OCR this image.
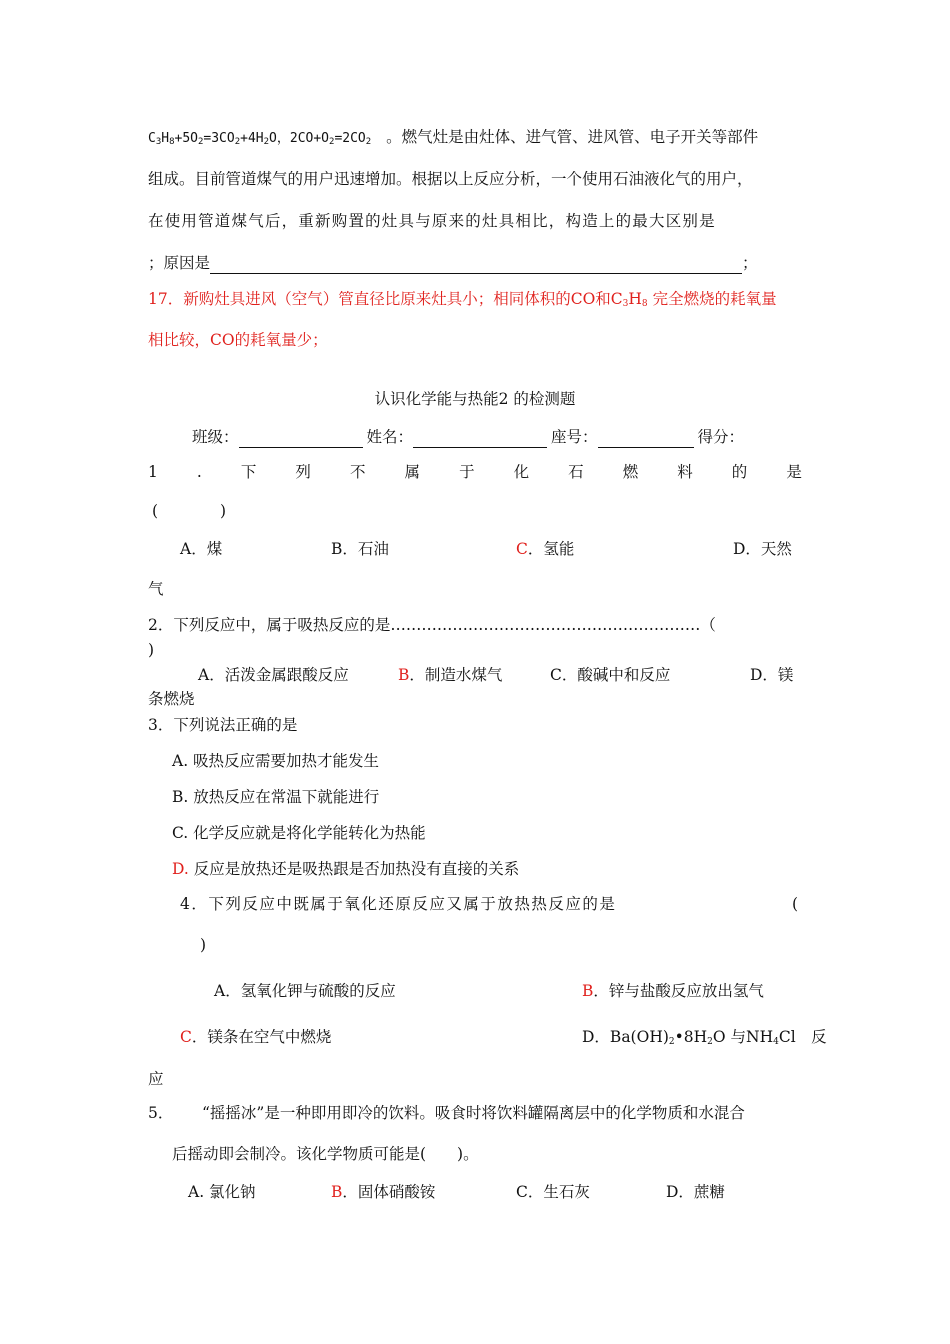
$C_3H_8+5O_2=3CO_2+4H_2O$，$2CO+O_2=2CO_2$ 。燃气灶是由灶体、进气管、进风管、电子开关等部件
组成。目前管道煤气的用户迅速增加。根据以上反应分析，一个使用石油液化气的用户，
在使用管道煤气后，重新购置的灶具与原来的灶具相比，构造上的最大区别是
；原因是	；
17．新购灶具进风（空气）管直径比原来灶具小；相同体积的CO和$C_3H_8$ 完全燃烧的耗氧量
相比较，CO的耗氧量少；
认识化学能与热能2 的检测题
班级：	姓名：	座号：	得分：
1	.	下	列	不	属	于	化	石	燃	料	的	是
(　　　　)
A．煤	B．石油	C．氢能	D．天然
气
2．下列反应中，属于吸热反应的是……………………………………………………（
)
A．活泼金属跟酸反应	B．制造水煤气	C．酸碱中和反应	D．镁
条燃烧
3．下列说法正确的是
A. 吸热反应需要加热才能发生
B. 放热反应在常温下就能进行
C. 化学反应就是将化学能转化为热能
D. 反应是放热还是吸热跟是否加热没有直接的关系
4．下列反应中既属于氧化还原反应又属于放热热反应的是	(
)
A．氢氧化钾与硫酸的反应	B．锌与盐酸反应放出氢气
C．镁条在空气中燃烧	D．$Ba(OH)_2•8H_2O$ 与$NH_4Cl$　反
应
5． “摇摇冰”是一种即用即冷的饮料。吸食时将饮料罐隔离层中的化学物质和水混合
后摇动即会制冷。该化学物质可能是(　　)。
A. 氯化钠	B．固体硝酸铵	C．生石灰	D．蔗糖
